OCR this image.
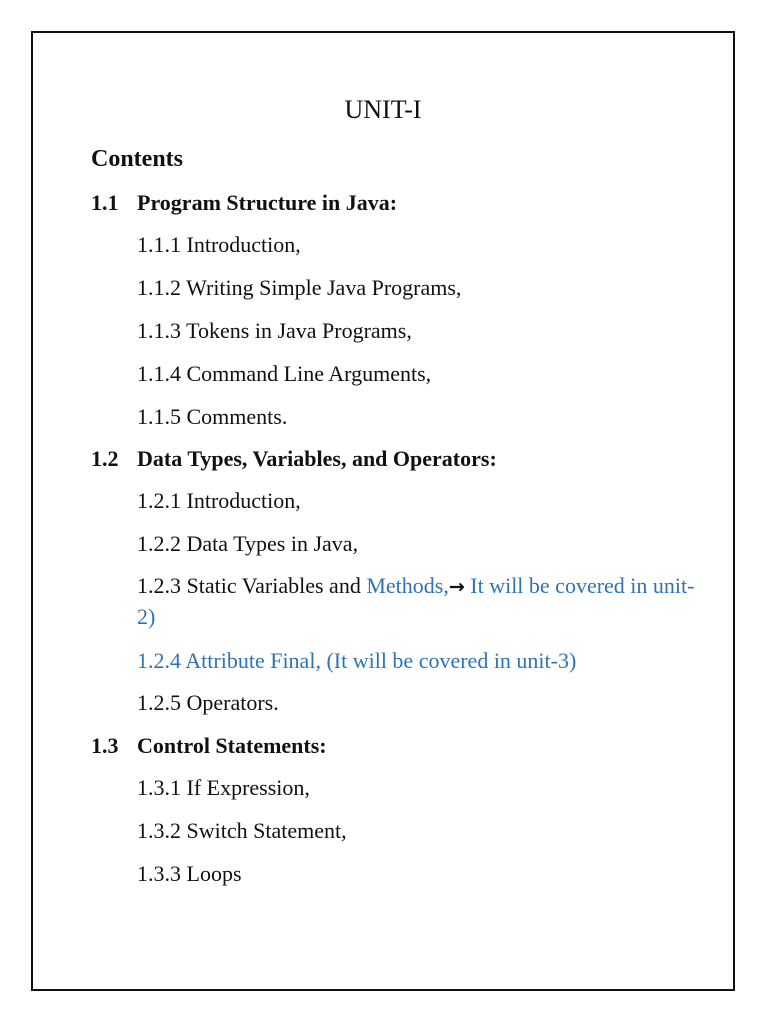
UNIT-I
Contents
1.1 Program Structure in Java:
1.1.1 Introduction,
1.1.2 Writing Simple Java Programs,
1.1.3 Tokens in Java Programs,
1.1.4 Command Line Arguments,
1.1.5 Comments.
1.2 Data Types, Variables, and Operators:
1.2.1 Introduction,
1.2.2 Data Types in Java,
1.2.3 Static Variables and Methods,→ It will be covered in unit-2)
1.2.4 Attribute Final, (It will be covered in unit-3)
1.2.5 Operators.
1.3 Control Statements:
1.3.1 If Expression,
1.3.2 Switch Statement,
1.3.3 Loops
